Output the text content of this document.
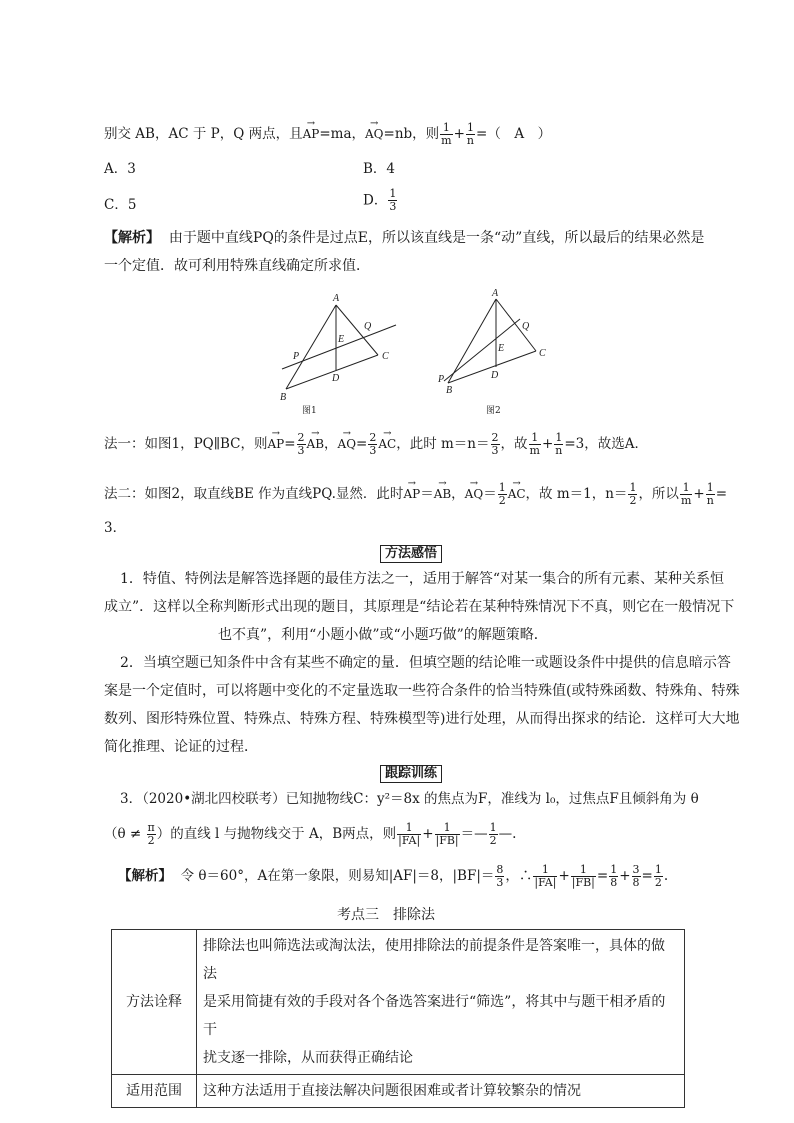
别交 AB，AC 于 P，Q 两点，且→ AP=ma，→ AQ=nb，则 $\frac{1}{m} + \frac{1}{n}$ =（　A　）
A．3	B．4
C．5	D． $\frac{1}{3}$
【解析】 由于题中直线PQ的条件是过点E，所以该直线是一条“动”直线，所以最后的结果必然是
一个定值．故可利用特殊直线确定所求值．
A
B
C
D
E
P
Q
图1
A
B
C
D
E
P
Q
图2
法一：如图1，PQ∥BC，则→ $AP= \frac{2}{3}$ → AB，→ $AQ= \frac{2}{3}$ → AC，此时 $m=n= \frac{2}{3}$ ，故 $\frac{1}{m} + \frac{1}{n} =3$，故选A．
法二：如图2，取直线BE 作为直线PQ.显然．此时→ AP＝→ AB，→ $AQ= \frac{1}{2}$ → AC，故 m＝1，$n= \frac{1}{2}$ ，所以 $\frac{1}{m} + \frac{1}{n}$ =
3．
方法感悟
1．特值、特例法是解答选择题的最佳方法之一，适用于解答“对某一集合的所有元素、某种关系恒
成立”．这样以全称判断形式出现的题目，其原理是“结论若在某种特殊情况下不真，则它在一般情况下
也不真”，利用“小题小做”或“小题巧做”的解题策略．
2．当填空题已知条件中含有某些不确定的量．但填空题的结论唯一或题设条件中提供的信息暗示答
案是一个定值时，可以将题中变化的不定量选取一些符合条件的恰当特殊值(或特殊函数、特殊角、特殊
数列、图形特殊位置、特殊点、特殊方程、特殊模型等)进行处理，从而得出探求的结论．这样可大大地
简化推理、论证的过程．
跟踪训练
3．（2020•湖北四校联考）已知抛物线C：y²＝8x 的焦点为F，准线为 l₀，过焦点F且倾斜角为 θ
（$\theta \ne \frac{\pi}{2}$ ）的直线 l 与抛物线交于 A，B两点，则 $\frac{1}{|FA|} + \frac{1}{|FB|}$ ＝— $\frac{1}{2}$ —.
【解析】 令 θ＝60°，A在第一象限，则易知|AF|＝8，$|BF|= \frac{8}{3}$ ，∴ $\frac{1}{|FA|} + \frac{1}{|FB|} = \frac{1}{8} + \frac{3}{8} = \frac{1}{2}$ .
考点三　排除法
方法诠释	排除法也叫筛选法或淘汰法，使用排除法的前提条件是答案唯一，具体的做法
是采用简捷有效的手段对各个备选答案进行“筛选”，将其中与题干相矛盾的干
扰支逐一排除，从而获得正确结论

适用范围	这种方法适用于直接法解决问题很困难或者计算较繁杂的情况
